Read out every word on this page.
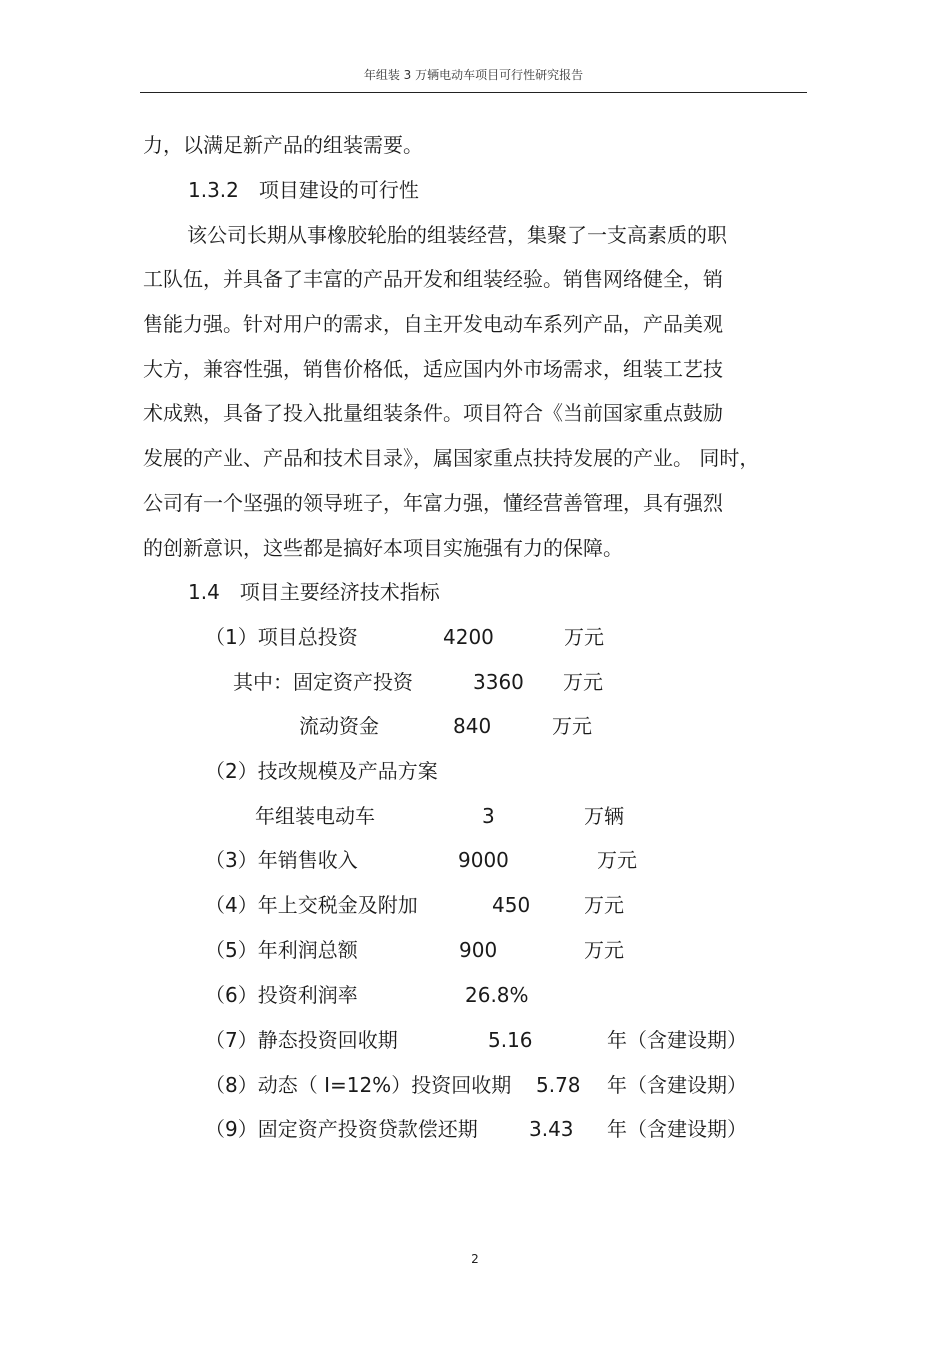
年组装 3 万辆电动车项目可行性研究报告
力，以满足新产品的组装需要。
1.3.2　项目建设的可行性
该公司长期从事橡胶轮胎的组装经营，集聚了一支高素质的职
工队伍，并具备了丰富的产品开发和组装经验。销售网络健全，销
售能力强。针对用户的需求，自主开发电动车系列产品，产品美观
大方，兼容性强，销售价格低，适应国内外市场需求，组装工艺技
术成熟，具备了投入批量组装条件。项目符合《当前国家重点鼓励
发展的产业、产品和技术目录》，属国家重点扶持发展的产业。 同时，
公司有一个坚强的领导班子，年富力强，懂经营善管理，具有强烈
的创新意识，这些都是搞好本项目实施强有力的保障。
1.4　项目主要经济技术指标
（1）项目总投资	4200	万元
其中：固定资产投资	3360 万元
流动资金	840	万元
（2）技改规模及产品方案
年组装电动车	3	万辆
（3）年销售收入	9000	万元
（4）年上交税金及附加	450	万元
（5）年利润总额	900	万元
（6）投资利润率	26.8%
（7）静态投资回收期	5.16	年（含建设期）
（8）动态（ I=12%）投资回收期 5.78 年（含建设期）
（9）固定资产投资贷款偿还期	3.43 年（含建设期）
2
